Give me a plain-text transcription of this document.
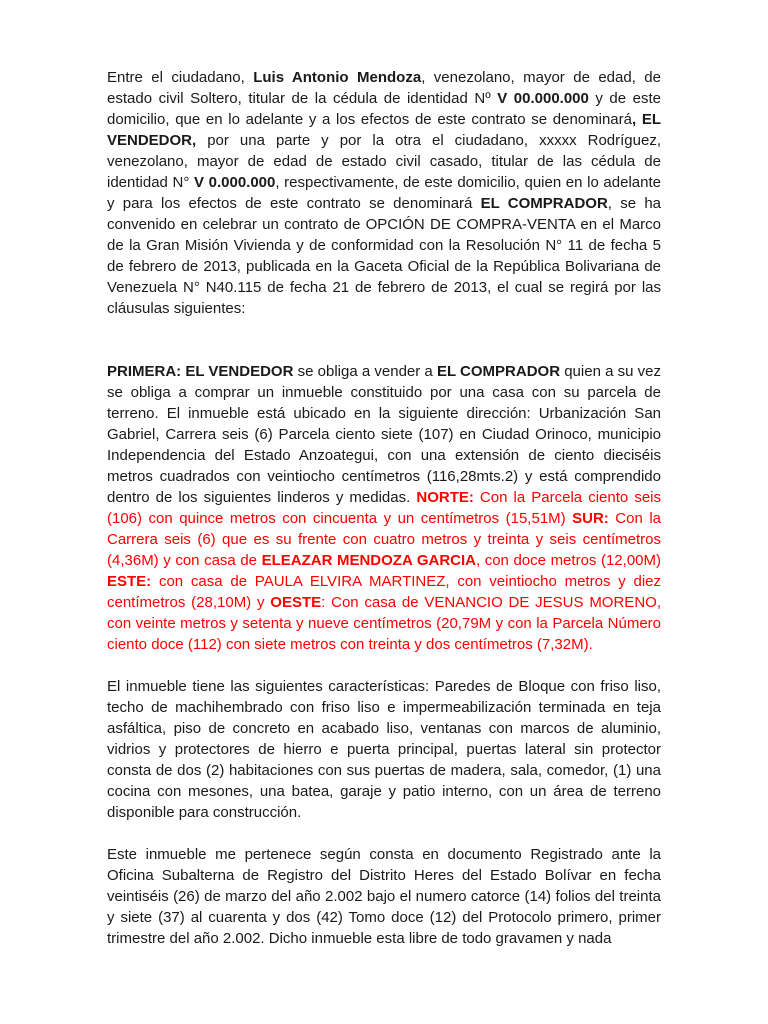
Entre el ciudadano, Luis Antonio Mendoza, venezolano, mayor de edad, de estado civil Soltero, titular de la cédula de identidad Nº V 00.000.000 y de este domicilio, que en lo adelante y a los efectos de este contrato se denominará, EL VENDEDOR, por una parte y por la otra el ciudadano, xxxxx Rodríguez, venezolano, mayor de edad de estado civil casado, titular de las cédula de identidad N° V 0.000.000, respectivamente, de este domicilio, quien en lo adelante y para los efectos de este contrato se denominará EL COMPRADOR, se ha convenido en celebrar un contrato de OPCIÓN DE COMPRA-VENTA en el Marco de la Gran Misión Vivienda y de conformidad con la Resolución N° 11 de fecha 5 de febrero de 2013, publicada en la Gaceta Oficial de la República Bolivariana de Venezuela N° N40.115 de fecha 21 de febrero de 2013, el cual se regirá por las cláusulas siguientes:

PRIMERA: EL VENDEDOR se obliga a vender a EL COMPRADOR quien a su vez se obliga a comprar un inmueble constituido por una casa con su parcela de terreno. El inmueble está ubicado en la siguiente dirección: Urbanización San Gabriel, Carrera seis (6) Parcela ciento siete (107) en Ciudad Orinoco, municipio Independencia del Estado Anzoategui, con una extensión de ciento dieciséis metros cuadrados con veintiocho centímetros (116,28mts.2) y está comprendido dentro de los siguientes linderos y medidas. NORTE: Con la Parcela ciento seis (106) con quince metros con cincuenta y un centímetros (15,51M) SUR: Con la Carrera seis (6) que es su frente con cuatro metros y treinta y seis centímetros (4,36M) y con casa de ELEAZAR MENDOZA GARCIA, con doce metros (12,00M) ESTE: con casa de PAULA ELVIRA MARTINEZ, con veintiocho metros y diez centímetros (28,10M) y OESTE: Con casa de VENANCIO DE JESUS MORENO, con veinte metros y setenta y nueve centímetros (20,79M y con la Parcela Número ciento doce (112) con siete metros con treinta y dos centímetros (7,32M).

El inmueble tiene las siguientes características: Paredes de Bloque con friso liso, techo de machihembrado con friso liso e impermeabilización terminada en teja asfáltica, piso de concreto en acabado liso, ventanas con marcos de aluminio, vidrios y protectores de hierro e puerta principal, puertas lateral sin protector consta de dos (2) habitaciones con sus puertas de madera, sala, comedor, (1) una cocina con mesones, una batea, garaje y patio interno, con un área de terreno disponible para construcción.

Este inmueble me pertenece según consta en documento Registrado ante la Oficina Subalterna de Registro del Distrito Heres del Estado Bolívar en fecha veintiséis (26) de marzo del año 2.002 bajo el numero catorce (14) folios del treinta y siete (37) al cuarenta y dos (42) Tomo doce (12) del Protocolo primero, primer trimestre del año 2.002. Dicho inmueble esta libre de todo gravamen y nada
